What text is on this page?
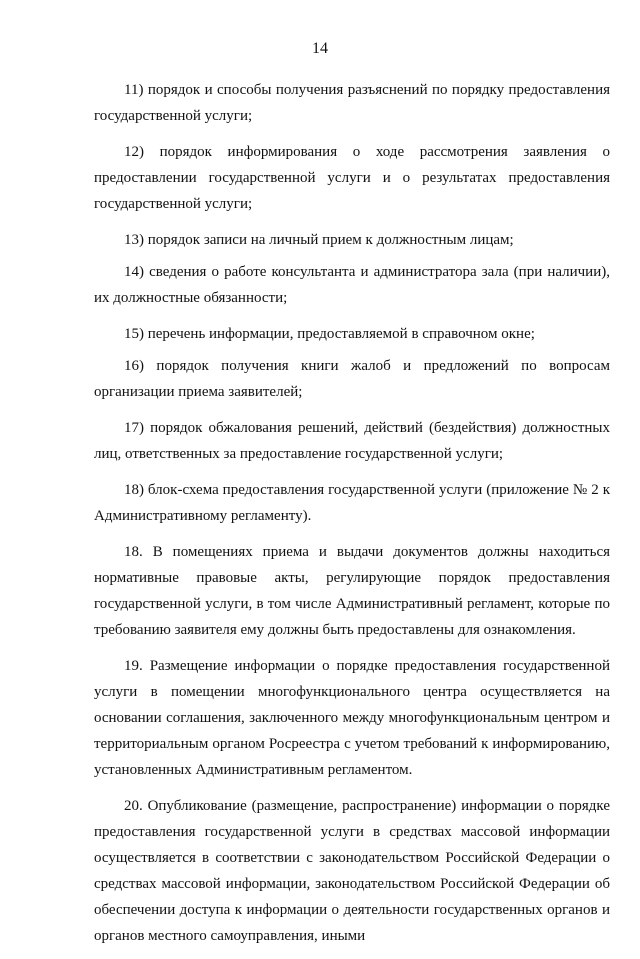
14

11) порядок и способы получения разъяснений по порядку предоставления государственной услуги;

12) порядок информирования о ходе рассмотрения заявления о предоставлении государственной услуги и о результатах предоставления государственной услуги;

13) порядок записи на личный прием к должностным лицам;

14) сведения о работе консультанта и администратора зала (при наличии), их должностные обязанности;

15) перечень информации, предоставляемой в справочном окне;

16) порядок получения книги жалоб и предложений по вопросам организации приема заявителей;

17) порядок обжалования решений, действий (бездействия) должностных лиц, ответственных за предоставление государственной услуги;

18) блок-схема предоставления государственной услуги (приложение № 2 к Административному регламенту).

18. В помещениях приема и выдачи документов должны находиться нормативные правовые акты, регулирующие порядок предоставления государственной услуги, в том числе Административный регламент, которые по требованию заявителя ему должны быть предоставлены для ознакомления.

19. Размещение информации о порядке предоставления государственной услуги в помещении многофункционального центра осуществляется на основании соглашения, заключенного между многофункциональным центром и территориальным органом Росреестра с учетом требований к информированию, установленных Административным регламентом.

20. Опубликование (размещение, распространение) информации о порядке предоставления государственной услуги в средствах массовой информации осуществляется в соответствии с законодательством Российской Федерации о средствах массовой информации, законодательством Российской Федерации об обеспечении доступа к информации о деятельности государственных органов и органов местного самоуправления, иными
